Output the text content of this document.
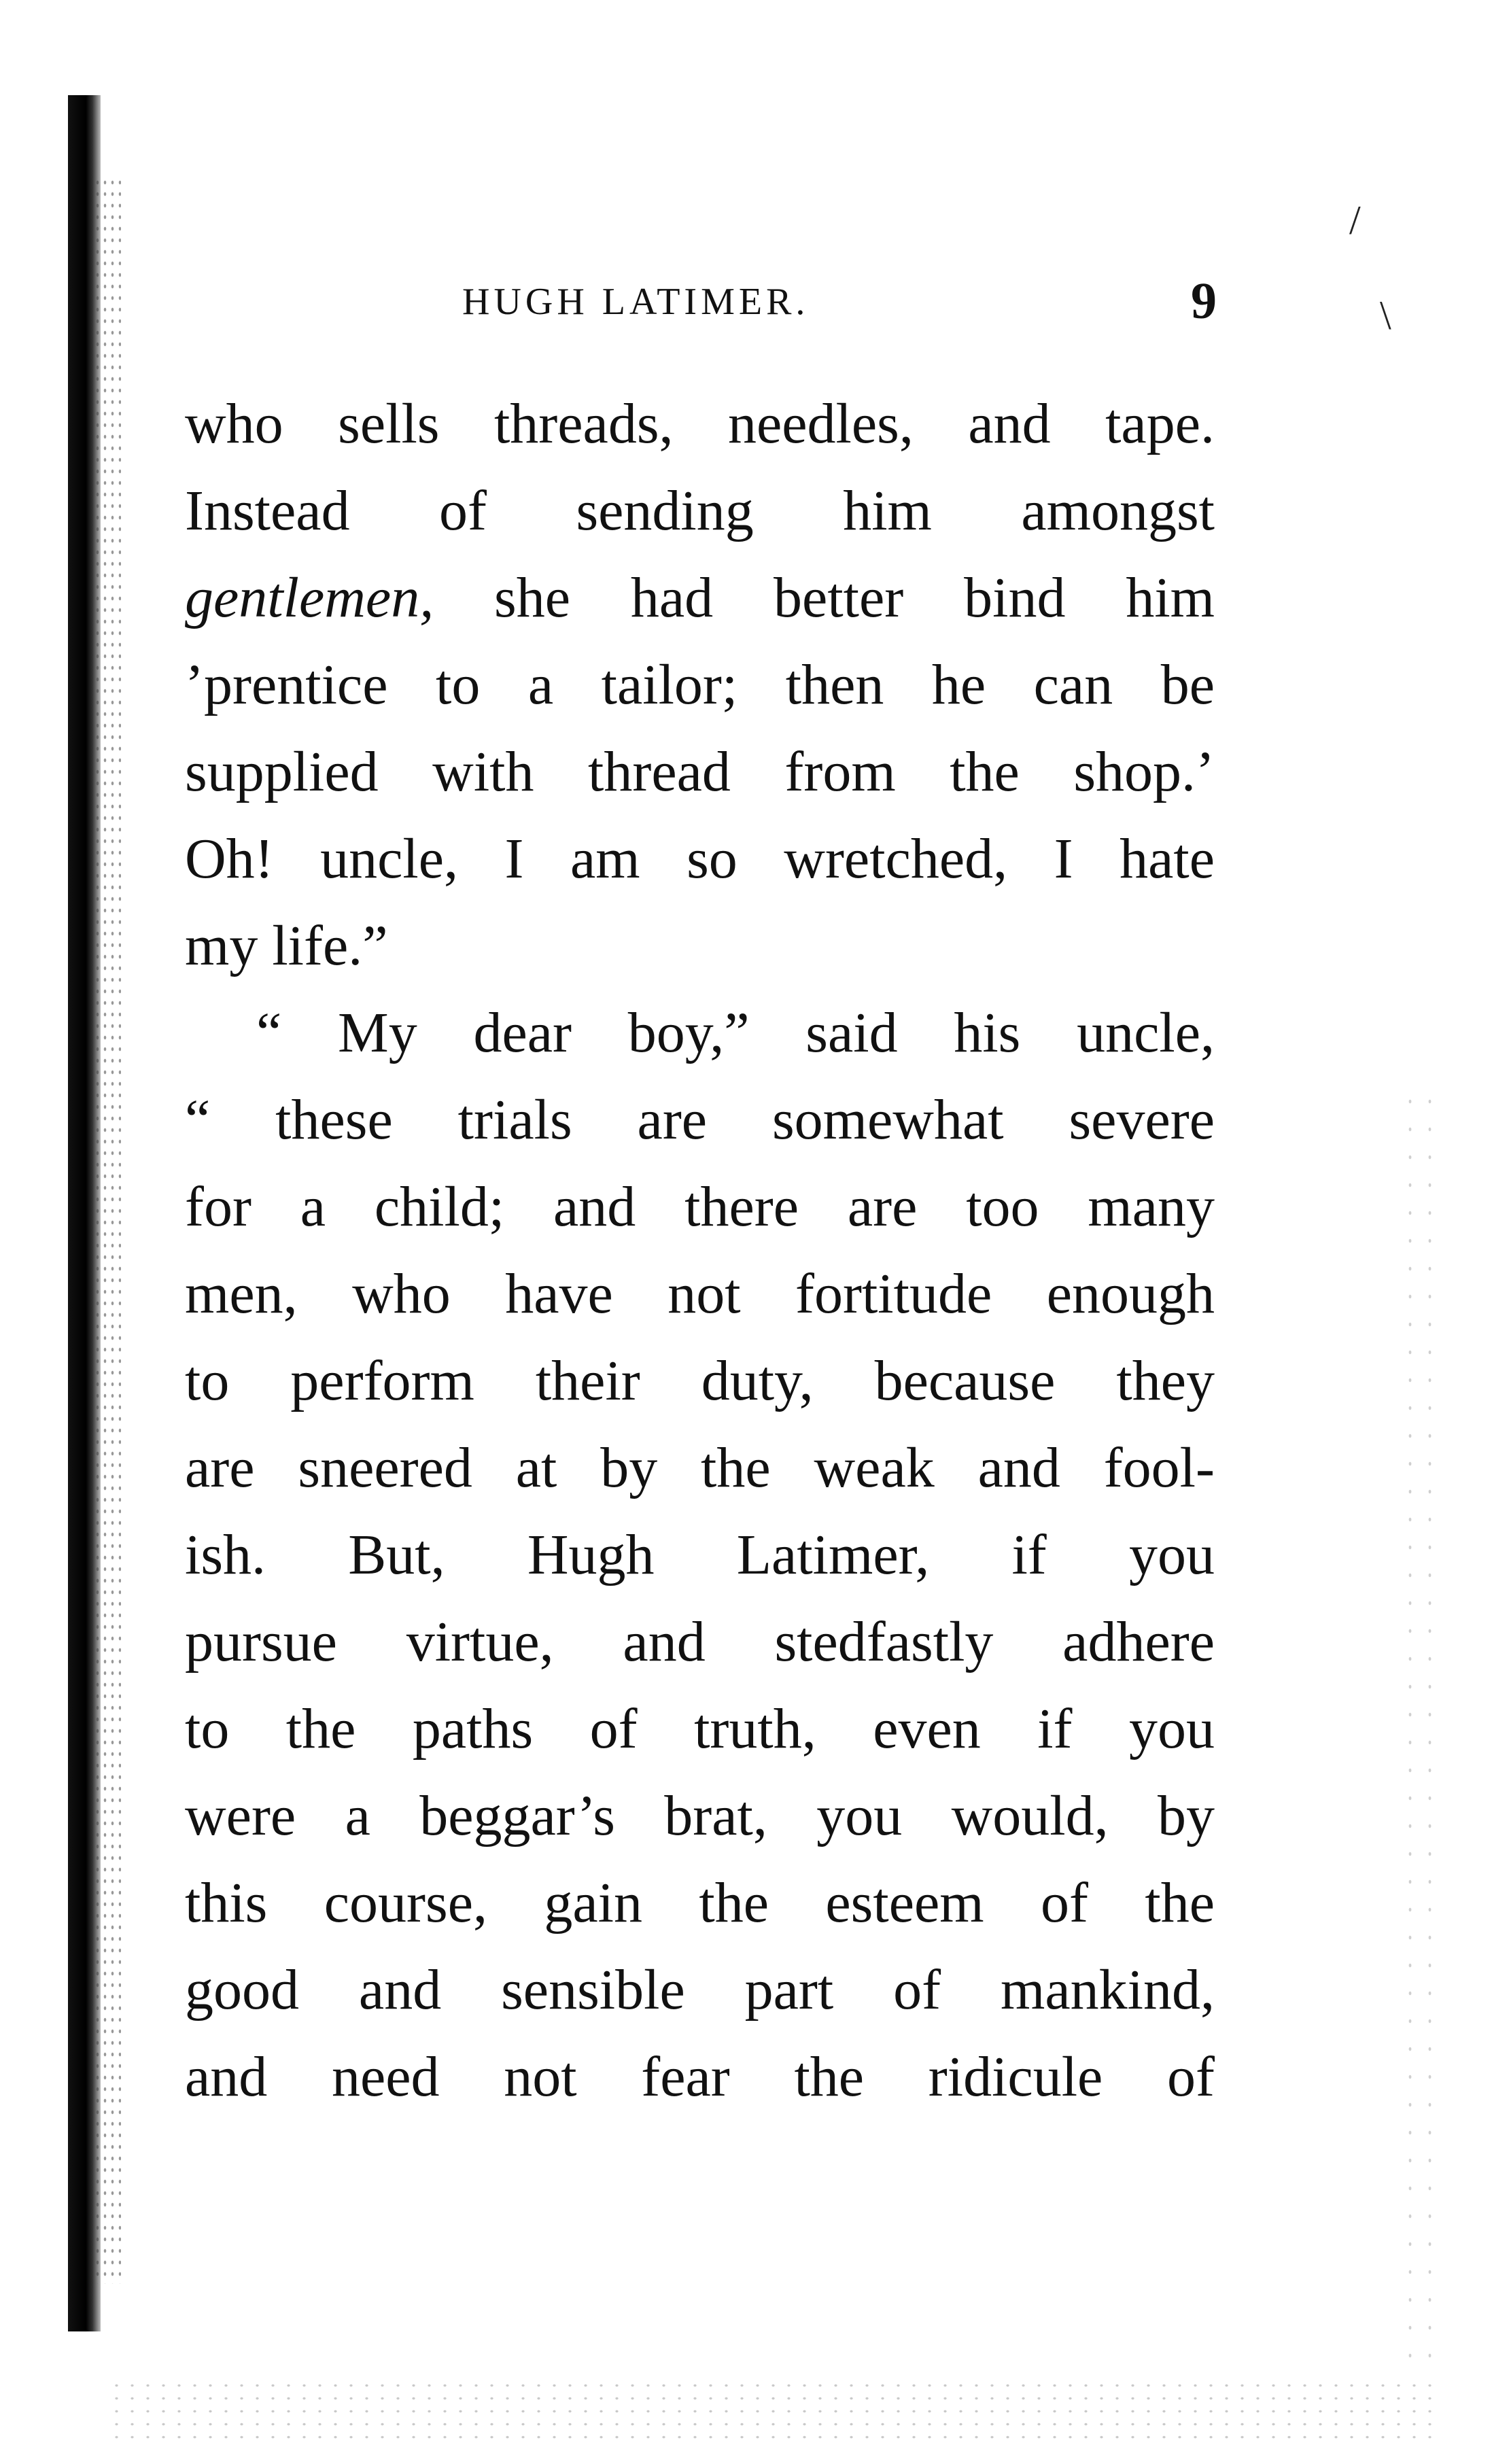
/
\
HUGH LATIMER.	9
who sells threads, needles, and tape.
Instead of sending him amongst
gentlemen, she had better bind him
’prentice to a tailor; then he can be
supplied with thread from the shop.’
Oh! uncle, I am so wretched, I hate
my life.”
“ My dear boy,” said his uncle,
“ these trials are somewhat severe
for a child; and there are too many
men, who have not fortitude enough
to perform their duty, because they
are sneered at by the weak and fool-
ish. But, Hugh Latimer, if you
pursue virtue, and stedfastly adhere
to the paths of truth, even if you
were a beggar’s brat, you would, by
this course, gain the esteem of the
good and sensible part of mankind,
and need not fear the ridicule of
